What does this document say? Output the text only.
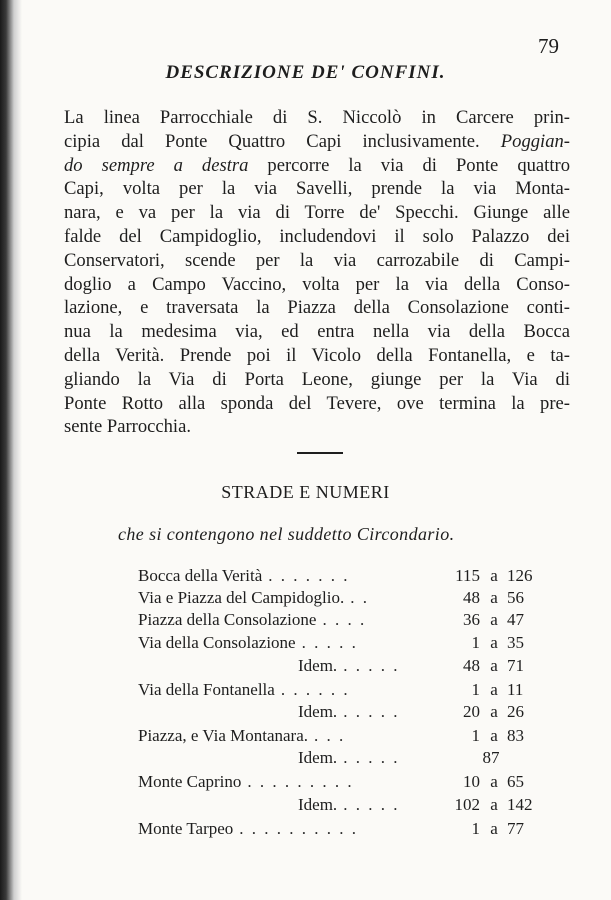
79
DESCRIZIONE DE' CONFINI.
La linea Parrocchiale di S. Niccolò in Carcere prin-
cipia dal Ponte Quattro Capi inclusivamente. Poggian-
do sempre a destra percorre la via di Ponte quattro
Capi, volta per la via Savelli, prende la via Monta-
nara, e va per la via di Torre de' Specchi. Giunge alle
falde del Campidoglio, includendovi il solo Palazzo dei
Conservatori, scende per la via carrozabile di Campi-
doglio a Campo Vaccino, volta per la via della Conso-
lazione, e traversata la Piazza della Consolazione conti-
nua la medesima via, ed entra nella via della Bocca
della Verità. Prende poi il Vicolo della Fontanella, e ta-
gliando la Via di Porta Leone, giunge per la Via di
Ponte Rotto alla sponda del Tevere, ove termina la pre-
sente Parrocchia.
STRADE E NUMERI
che si contengono nel suddetto Circondario.
Bocca della Verità . . . . . . .	115 a 126
Via e Piazza del Campidoglio. . .	48 a 56
Piazza della Consolazione . . . .	36 a 47
Via della Consolazione . . . . .	1 a 35
Idem. . . . . .	48 a 71
Via della Fontanella . . . . . .	1 a 11
Idem. . . . . .	20 a 26
Piazza, e Via Montanara. . . .	1 a 83
Idem. . . . . .	87
Monte Caprino . . . . . . . . .	10 a 65
Idem. . . . . .	102 a 142
Monte Tarpeo . . . . . . . . . .	1 a 77
